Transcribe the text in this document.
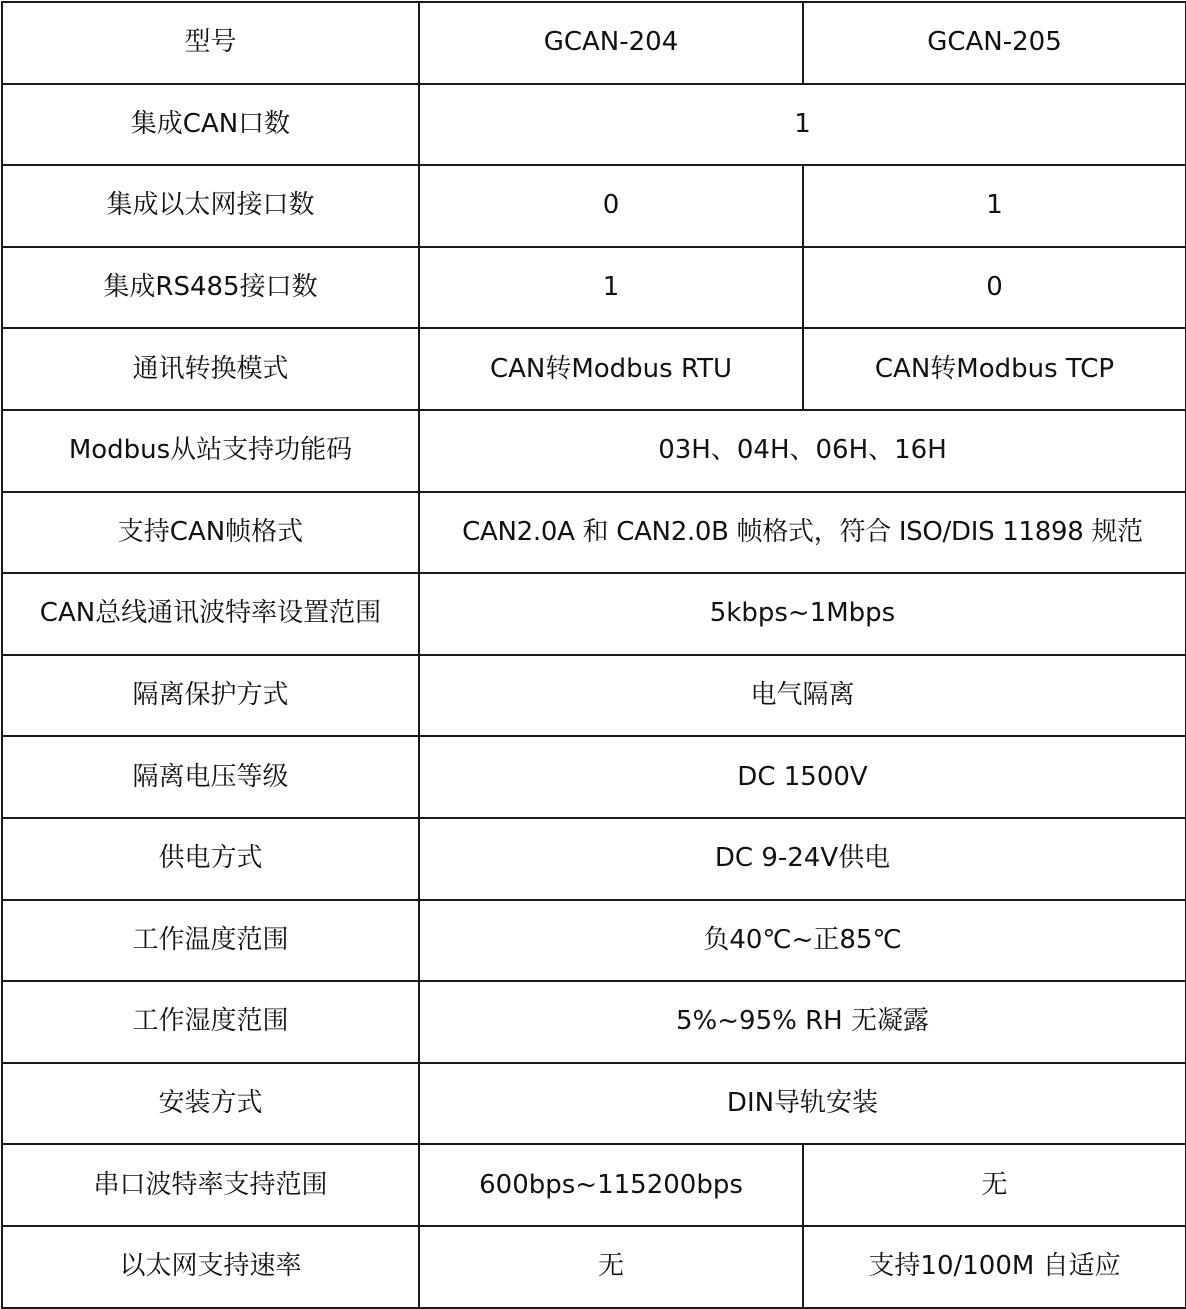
型号	GCAN-204	GCAN-205
集成CAN口数	1	
集成以太网接口数	0	1
集成RS485接口数	1	0
通讯转换模式	CAN转Modbus RTU	CAN转Modbus TCP
Modbus从站支持功能码	03H、04H、06H、16H	
支持CAN帧格式	CAN2.0A 和 CAN2.0B 帧格式，符合 ISO/DIS 11898 规范	
CAN总线通讯波特率设置范围	5kbps~1Mbps	
隔离保护方式	电气隔离	
隔离电压等级	DC 1500V	
供电方式	DC 9-24V供电	
工作温度范围	负40℃~正85℃	
工作湿度范围	5%~95% RH 无凝露	
安装方式	DIN导轨安装	
串口波特率支持范围	600bps~115200bps	无
以太网支持速率	无	支持10/100M 自适应
